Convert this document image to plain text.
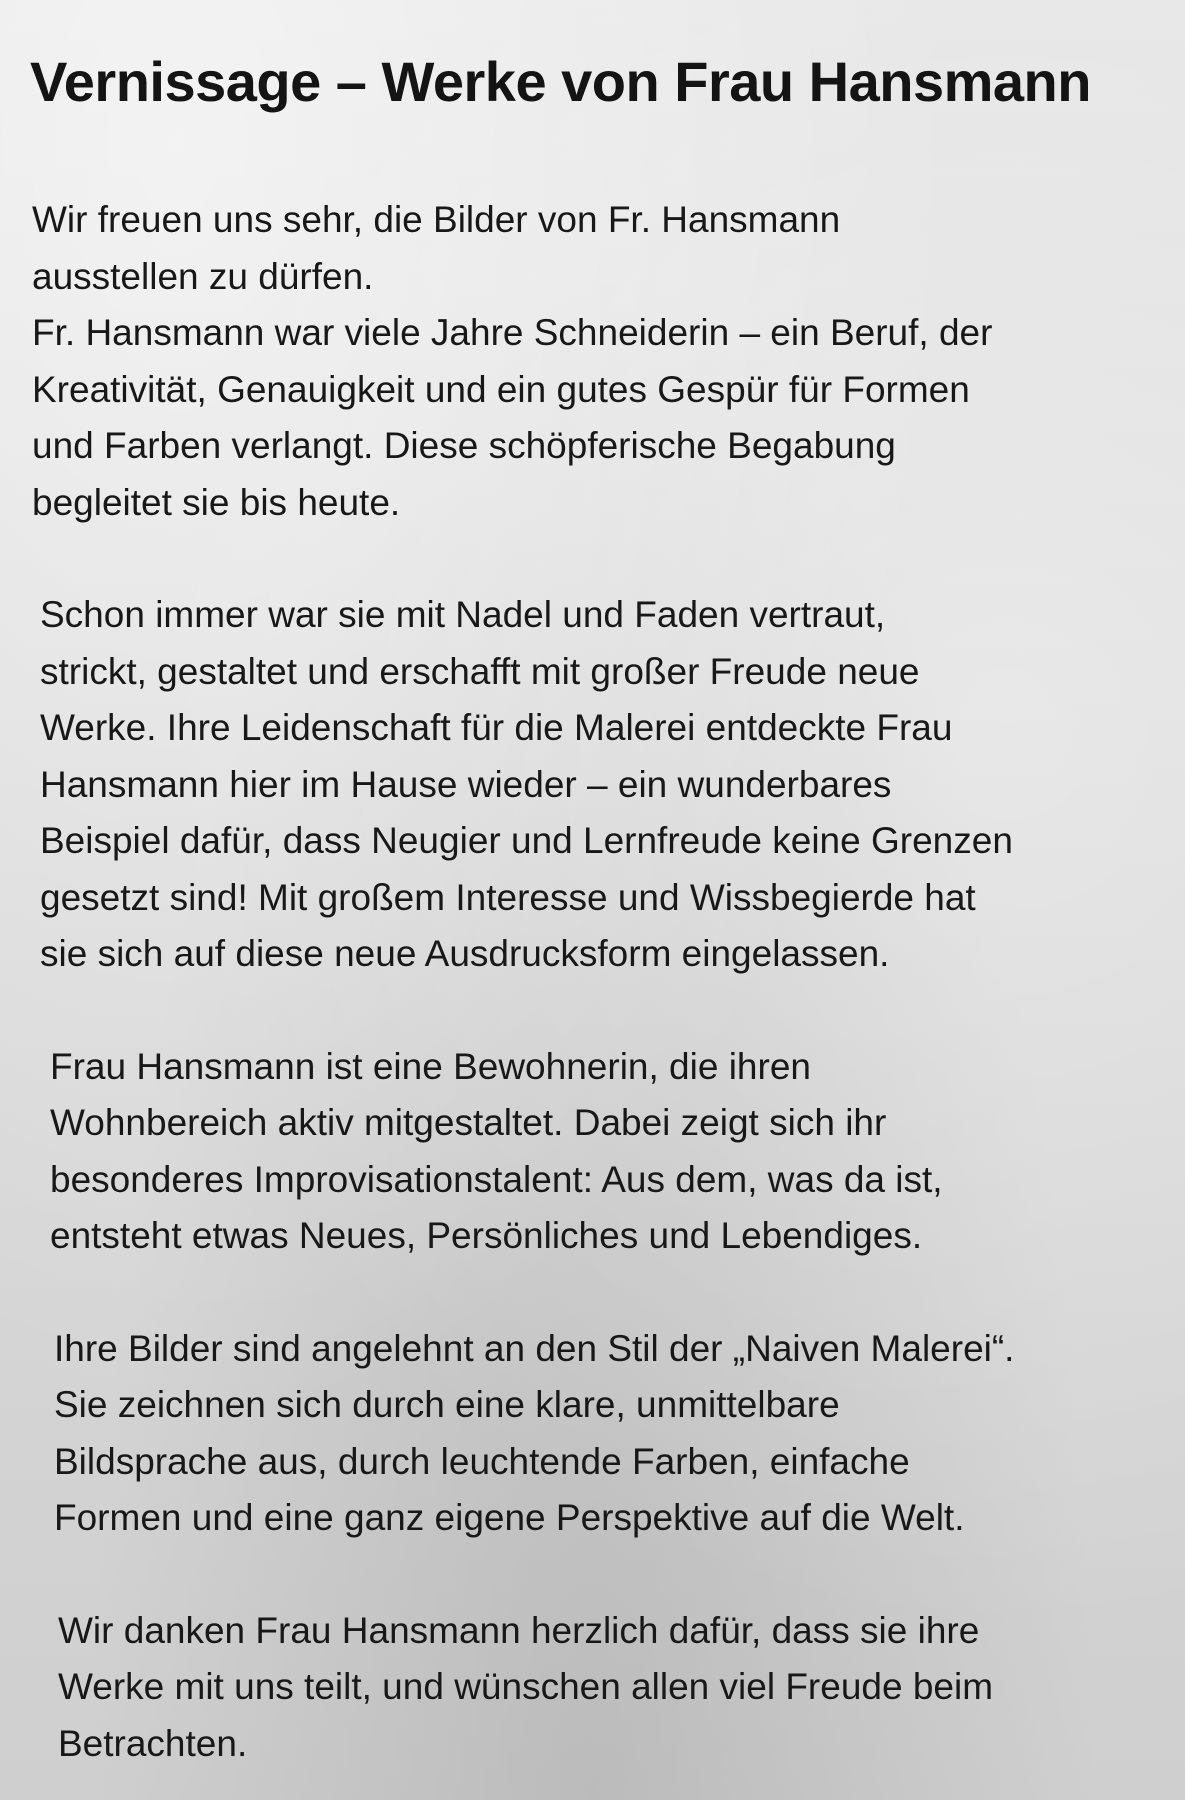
Vernissage – Werke von Frau Hansmann

Wir freuen uns sehr, die Bilder von Fr. Hansmann
ausstellen zu dürfen.
Fr. Hansmann war viele Jahre Schneiderin – ein Beruf, der
Kreativität, Genauigkeit und ein gutes Gespür für Formen
und Farben verlangt. Diese schöpferische Begabung
begleitet sie bis heute.

Schon immer war sie mit Nadel und Faden vertraut,
strickt, gestaltet und erschafft mit großer Freude neue
Werke. Ihre Leidenschaft für die Malerei entdeckte Frau
Hansmann hier im Hause wieder – ein wunderbares
Beispiel dafür, dass Neugier und Lernfreude keine Grenzen
gesetzt sind! Mit großem Interesse und Wissbegierde hat
sie sich auf diese neue Ausdrucksform eingelassen.

Frau Hansmann ist eine Bewohnerin, die ihren
Wohnbereich aktiv mitgestaltet. Dabei zeigt sich ihr
besonderes Improvisationstalent: Aus dem, was da ist,
entsteht etwas Neues, Persönliches und Lebendiges.

Ihre Bilder sind angelehnt an den Stil der „Naiven Malerei“.
Sie zeichnen sich durch eine klare, unmittelbare
Bildsprache aus, durch leuchtende Farben, einfache
Formen und eine ganz eigene Perspektive auf die Welt.

Wir danken Frau Hansmann herzlich dafür, dass sie ihre
Werke mit uns teilt, und wünschen allen viel Freude beim
Betrachten.
